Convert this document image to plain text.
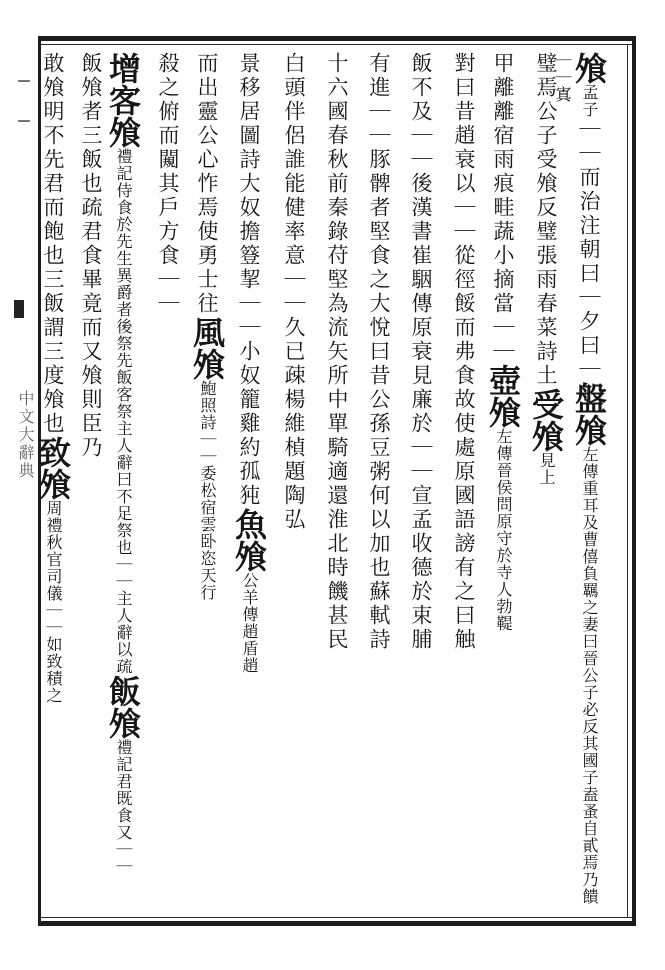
中文大辭典
飧孟子｜｜而治注朝曰｜夕曰｜盤飧左傳重耳及曹僖負羈之妻曰晉公子必反其國子盍蚤自貳焉乃饋｜｜寘
璧焉公子受飧反璧張雨春菜詩土受飧見上
甲離離宿雨痕畦蔬小摘當｜｜壺飧左傳晉侯問原守於寺人勃鞮
對曰昔趙衰以｜｜從徑餒而弗食故使處原國語謗有之曰触
飯不及｜｜後漢書崔駰傳原衰見廉於｜｜宣孟收德於束脯
有進｜｜豚髀者堅食之大悅曰昔公孫豆粥何以加也蘇軾詩
十六國春秋前秦錄苻堅為流矢所中單騎適還淮北時饑甚民
白頭伴侶誰能健率意｜｜久已疎楊維楨題陶弘
景移居圖詩大奴擔簦挈｜｜小奴籠雞約孤㹠魚飧公羊傳趙盾趙
而出靈公心怍焉使勇士往風飧鮑照詩｜｜委松宿雲卧恣天行
殺之俯而闚其戶方食｜｜
增客飧禮記侍食於先生異爵者後祭先飯客祭主人辭曰不足祭也｜｜主人辭以疏飯飧禮記君既食又｜｜
飯飧者三飯也疏君食畢竟而又飧則臣乃
敢飧明不先君而飽也三飯謂三度飧也致飧周禮秋官司儀｜｜如致積之
